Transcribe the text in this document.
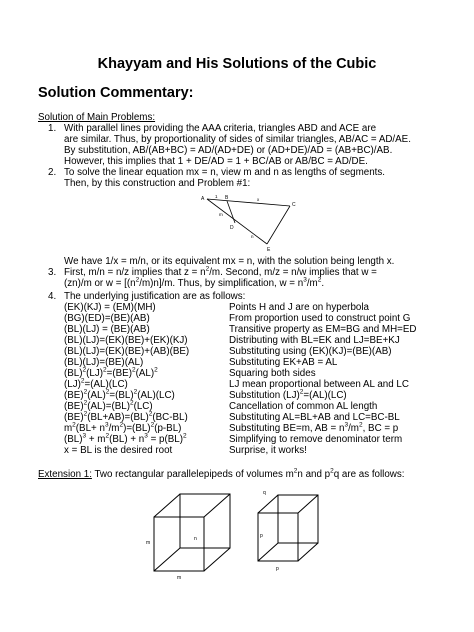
Khayyam and His Solutions of the Cubic
Solution Commentary:
Solution of Main Problems:
1. With parallel lines providing the AAA criteria, triangles ABD and ACE are
are similar. Thus, by proportionality of sides of similar triangles, AB/AC = AD/AE.
By substitution, AB/(AB+BC) = AD/(AD+DE) or (AD+DE)/AD = (AB+BC)/AB.
However, this implies that 1 + DE/AD = 1 + BC/AB or AB/BC = AD/DE.
2. To solve the linear equation mx = n, view m and n as lengths of segments.
Then, by this construction and Problem #1:
A	B
C
D
E
1
x
m
n
We have 1/x = m/n, or its equivalent mx = n, with the solution being length x.
3. First, m/n = n/z implies that $z = n^2/m$. Second, m/z = n/w implies that w =
(zn)/m or $w = [(n^2/m)n]/m$. Thus, by simplification, $w = n^3/m^2$.
4. The underlying justification are as follows:
(EK)(KJ) = (EM)(MH)	Points H and J are on hyperbola
(BG)(ED)=(BE)(AB)	From proportion used to construct point G
(BL)(LJ) = (BE)(AB)	Transitive property as EM=BG and MH=ED
(BL)(LJ)=(EK)(BE)+(EK)(KJ)	Distributing with BL=EK and LJ=BE+KJ
(BL)(LJ)=(EK)(BE)+(AB)(BE)	Substituting using (EK)(KJ)=(BE)(AB)
(BL)(LJ)=(BE)(AL)	Substituting EK+AB = AL
(BL)$^2$(LJ)$^2$=(BE)$^2$(AL)$^2$	Squaring both sides
(LJ)$^2$=(AL)(LC)	LJ mean proportional between AL and LC
(BE)$^2$(AL)$^2$=(BL)$^2$(AL)(LC)	Substitution (LJ)$^2$=(AL)(LC)
(BE)$^2$(AL)=(BL)$^2$(LC)	Cancellation of common AL length
(BE)$^2$(BL+AB)=(BL)$^2$(BC-BL)	Substituting AL=BL+AB and LC=BC-BL
$m^2(BL+ n^3/m^2)=(BL)^2(p-BL)$	Substituting BE=m, AB = $n^3/m^2$, BC = p
$(BL)^3 + m^2(BL) + n^3 = p(BL)^2$	Simplifying to remove denominator term
x = BL is the desired root	Surprise, it works!
Extension 1: Two rectangular parallelepipeds of volumes $m^2n$ and $p^2q$ are as follows:
m
n
m
q
p
p
